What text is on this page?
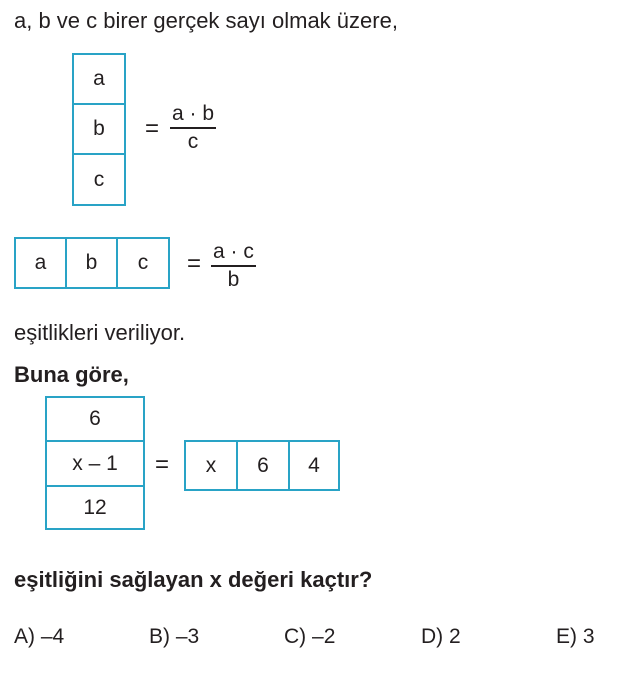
a, b ve c birer gerçek sayı olmak üzere,
a
b
c
=
a · b
c
a	b	c	= a · c
b
eşitlikleri veriliyor.
Buna göre,
6
x – 1
12
=	x	6	4
eşitliğini sağlayan x değeri kaçtır?
A) –4	B) –3	C) –2	D) 2	E) 3
